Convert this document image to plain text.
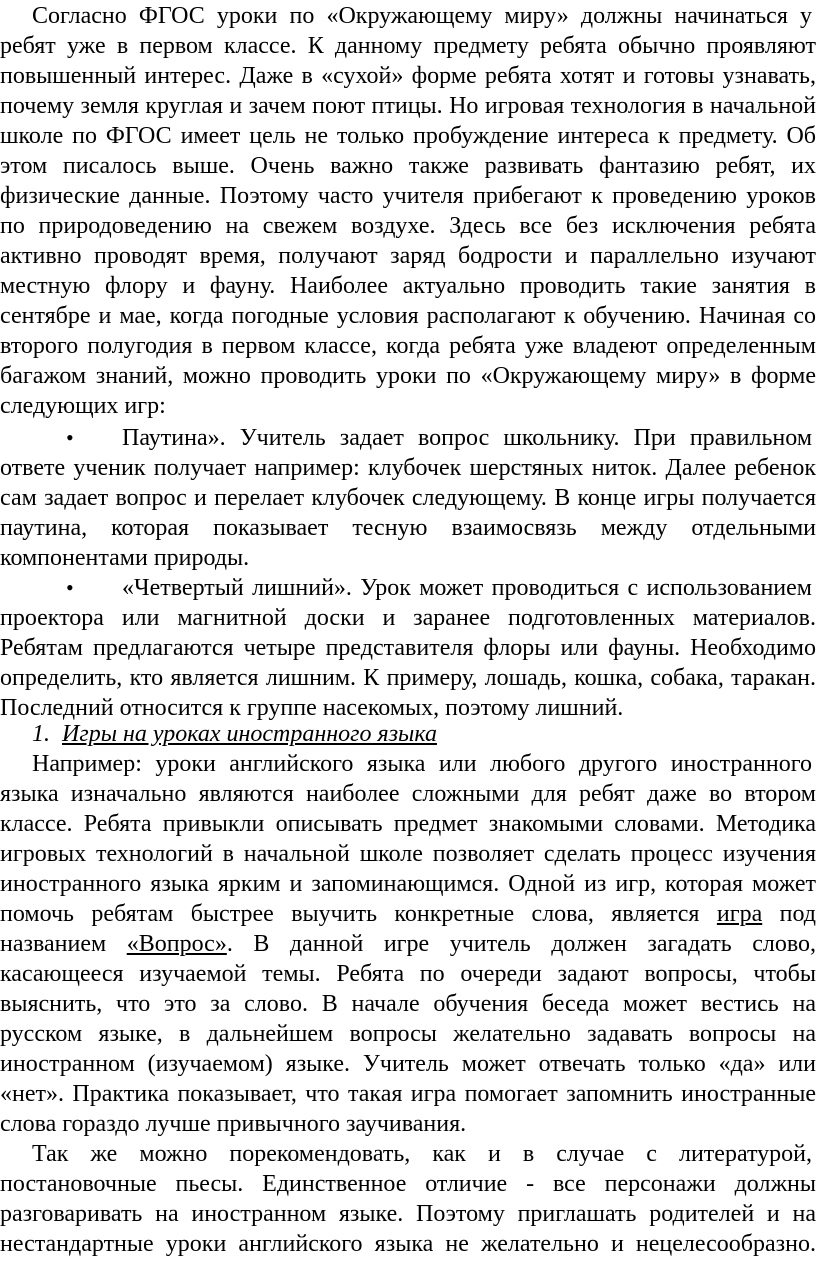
Согласно ФГОС уроки по «Окружающему миру» должны начинаться у
ребят уже в первом классе. К данному предмету ребята обычно проявляют
повышенный интерес. Даже в «сухой» форме ребята хотят и готовы узнавать,
почему земля круглая и зачем поют птицы. Но игровая технология в начальной
школе по ФГОС имеет цель не только пробуждение интереса к предмету. Об
этом писалось выше. Очень важно также развивать фантазию ребят, их
физические данные. Поэтому часто учителя прибегают к проведению уроков
по природоведению на свежем воздухе. Здесь все без исключения ребята
активно проводят время, получают заряд бодрости и параллельно изучают
местную флору и фауну. Наиболее актуально проводить такие занятия в
сентябре и мае, когда погодные условия располагают к обучению. Начиная со
второго полугодия в первом классе, когда ребята уже владеют определенным
багажом знаний, можно проводить уроки по «Окружающему миру» в форме
следующих игр:
• Паутина». Учитель задает вопрос школьнику. При правильном
ответе ученик получает например: клубочек шерстяных ниток. Далее ребенок
сам задает вопрос и перелает клубочек следующему. В конце игры получается
паутина, которая показывает тесную взаимосвязь между отдельными
компонентами природы.
• «Четвертый лишний». Урок может проводиться с использованием
проектора или магнитной доски и заранее подготовленных материалов.
Ребятам предлагаются четыре представителя флоры или фауны. Необходимо
определить, кто является лишним. К примеру, лошадь, кошка, собака, таракан.
Последний относится к группе насекомых, поэтому лишний.
1. Игры на уроках иностранного языка
Например: уроки английского языка или любого другого иностранного
языка изначально являются наиболее сложными для ребят даже во втором
классе. Ребята привыкли описывать предмет знакомыми словами. Методика
игровых технологий в начальной школе позволяет сделать процесс изучения
иностранного языка ярким и запоминающимся. Одной из игр, которая может
помочь ребятам быстрее выучить конкретные слова, является игра под
названием «Вопрос». В данной игре учитель должен загадать слово,
касающееся изучаемой темы. Ребята по очереди задают вопросы, чтобы
выяснить, что это за слово. В начале обучения беседа может вестись на
русском языке, в дальнейшем вопросы желательно задавать вопросы на
иностранном (изучаемом) языке. Учитель может отвечать только «да» или
«нет». Практика показывает, что такая игра помогает запомнить иностранные
слова гораздо лучше привычного заучивания.
Так же можно порекомендовать, как и в случае с литературой,
постановочные пьесы. Единственное отличие - все персонажи должны
разговаривать на иностранном языке. Поэтому приглашать родителей и на
нестандартные уроки английского языка не желательно и нецелесообразно.
